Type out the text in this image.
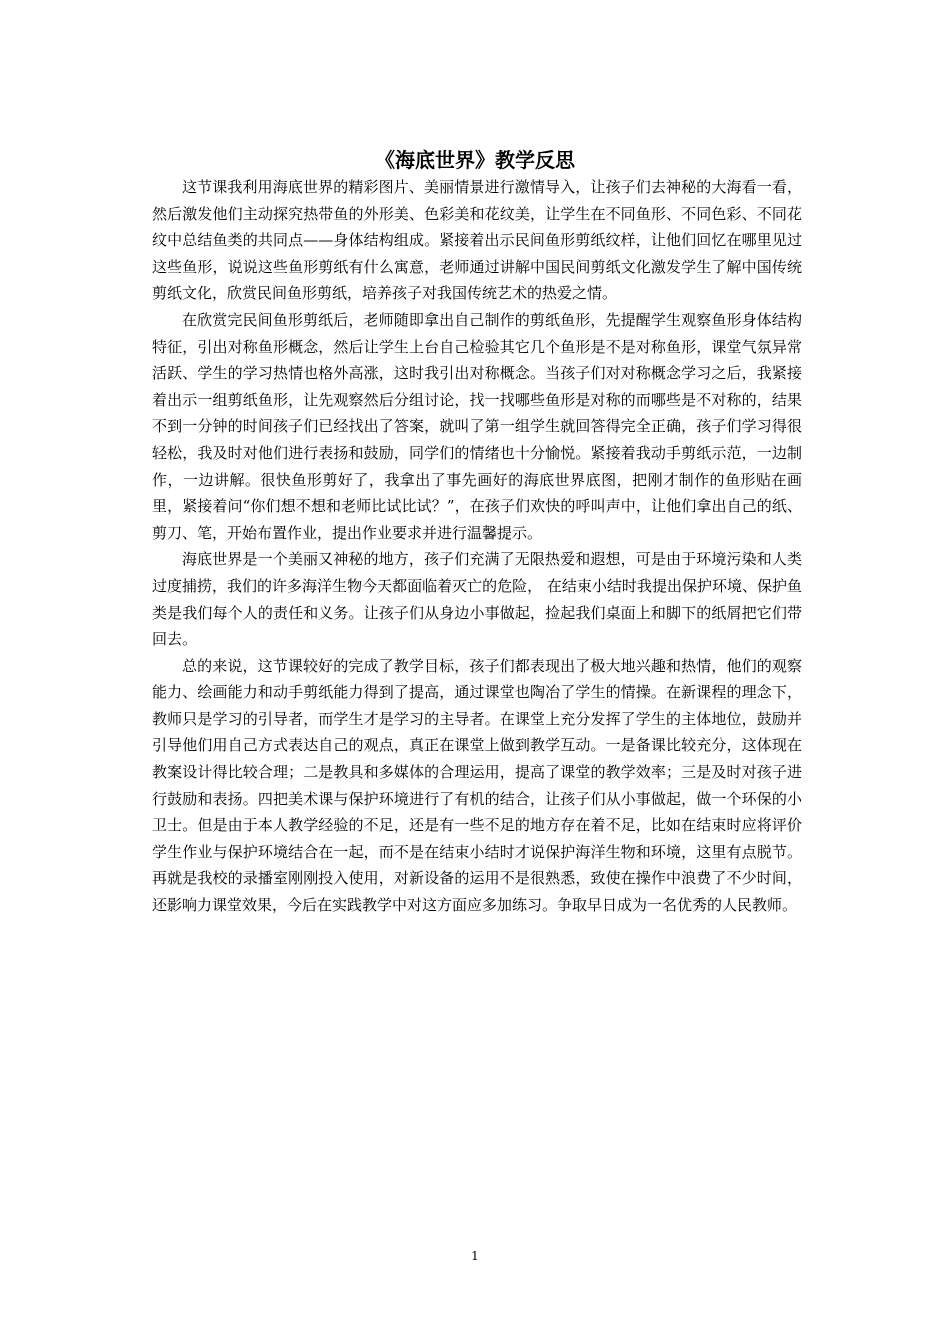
《海底世界》教学反思

这节课我利用海底世界的精彩图片、美丽情景进行激情导入，让孩子们去神秘的大海看一看，然后激发他们主动探究热带鱼的外形美、色彩美和花纹美，让学生在不同鱼形、不同色彩、不同花纹中总结鱼类的共同点——身体结构组成。紧接着出示民间鱼形剪纸纹样，让他们回忆在哪里见过这些鱼形，说说这些鱼形剪纸有什么寓意，老师通过讲解中国民间剪纸文化激发学生了解中国传统剪纸文化，欣赏民间鱼形剪纸，培养孩子对我国传统艺术的热爱之情。

在欣赏完民间鱼形剪纸后，老师随即拿出自己制作的剪纸鱼形，先提醒学生观察鱼形身体结构特征，引出对称鱼形概念，然后让学生上台自己检验其它几个鱼形是不是对称鱼形，课堂气氛异常活跃、学生的学习热情也格外高涨，这时我引出对称概念。当孩子们对对称概念学习之后，我紧接着出示一组剪纸鱼形，让先观察然后分组讨论，找一找哪些鱼形是对称的而哪些是不对称的，结果不到一分钟的时间孩子们已经找出了答案，就叫了第一组学生就回答得完全正确，孩子们学习得很轻松，我及时对他们进行表扬和鼓励，同学们的情绪也十分愉悦。紧接着我动手剪纸示范，一边制作，一边讲解。很快鱼形剪好了，我拿出了事先画好的海底世界底图，把刚才制作的鱼形贴在画里，紧接着问“你们想不想和老师比试比试？”，在孩子们欢快的呼叫声中，让他们拿出自己的纸、剪刀、笔，开始布置作业，提出作业要求并进行温馨提示。

海底世界是一个美丽又神秘的地方，孩子们充满了无限热爱和遐想，可是由于环境污染和人类过度捕捞，我们的许多海洋生物今天都面临着灭亡的危险， 在结束小结时我提出保护环境、保护鱼类是我们每个人的责任和义务。让孩子们从身边小事做起，捡起我们桌面上和脚下的纸屑把它们带回去。

总的来说，这节课较好的完成了教学目标，孩子们都表现出了极大地兴趣和热情，他们的观察能力、绘画能力和动手剪纸能力得到了提高，通过课堂也陶冶了学生的情操。在新课程的理念下，教师只是学习的引导者，而学生才是学习的主导者。在课堂上充分发挥了学生的主体地位，鼓励并引导他们用自己方式表达自己的观点，真正在课堂上做到教学互动。一是备课比较充分，这体现在教案设计得比较合理；二是教具和多媒体的合理运用，提高了课堂的教学效率；三是及时对孩子进行鼓励和表扬。四把美术课与保护环境进行了有机的结合，让孩子们从小事做起，做一个环保的小卫士。但是由于本人教学经验的不足，还是有一些不足的地方存在着不足，比如在结束时应将评价学生作业与保护环境结合在一起，而不是在结束小结时才说保护海洋生物和环境，这里有点脱节。再就是我校的录播室刚刚投入使用，对新设备的运用不是很熟悉，致使在操作中浪费了不少时间，还影响力课堂效果，今后在实践教学中对这方面应多加练习。争取早日成为一名优秀的人民教师。

1
